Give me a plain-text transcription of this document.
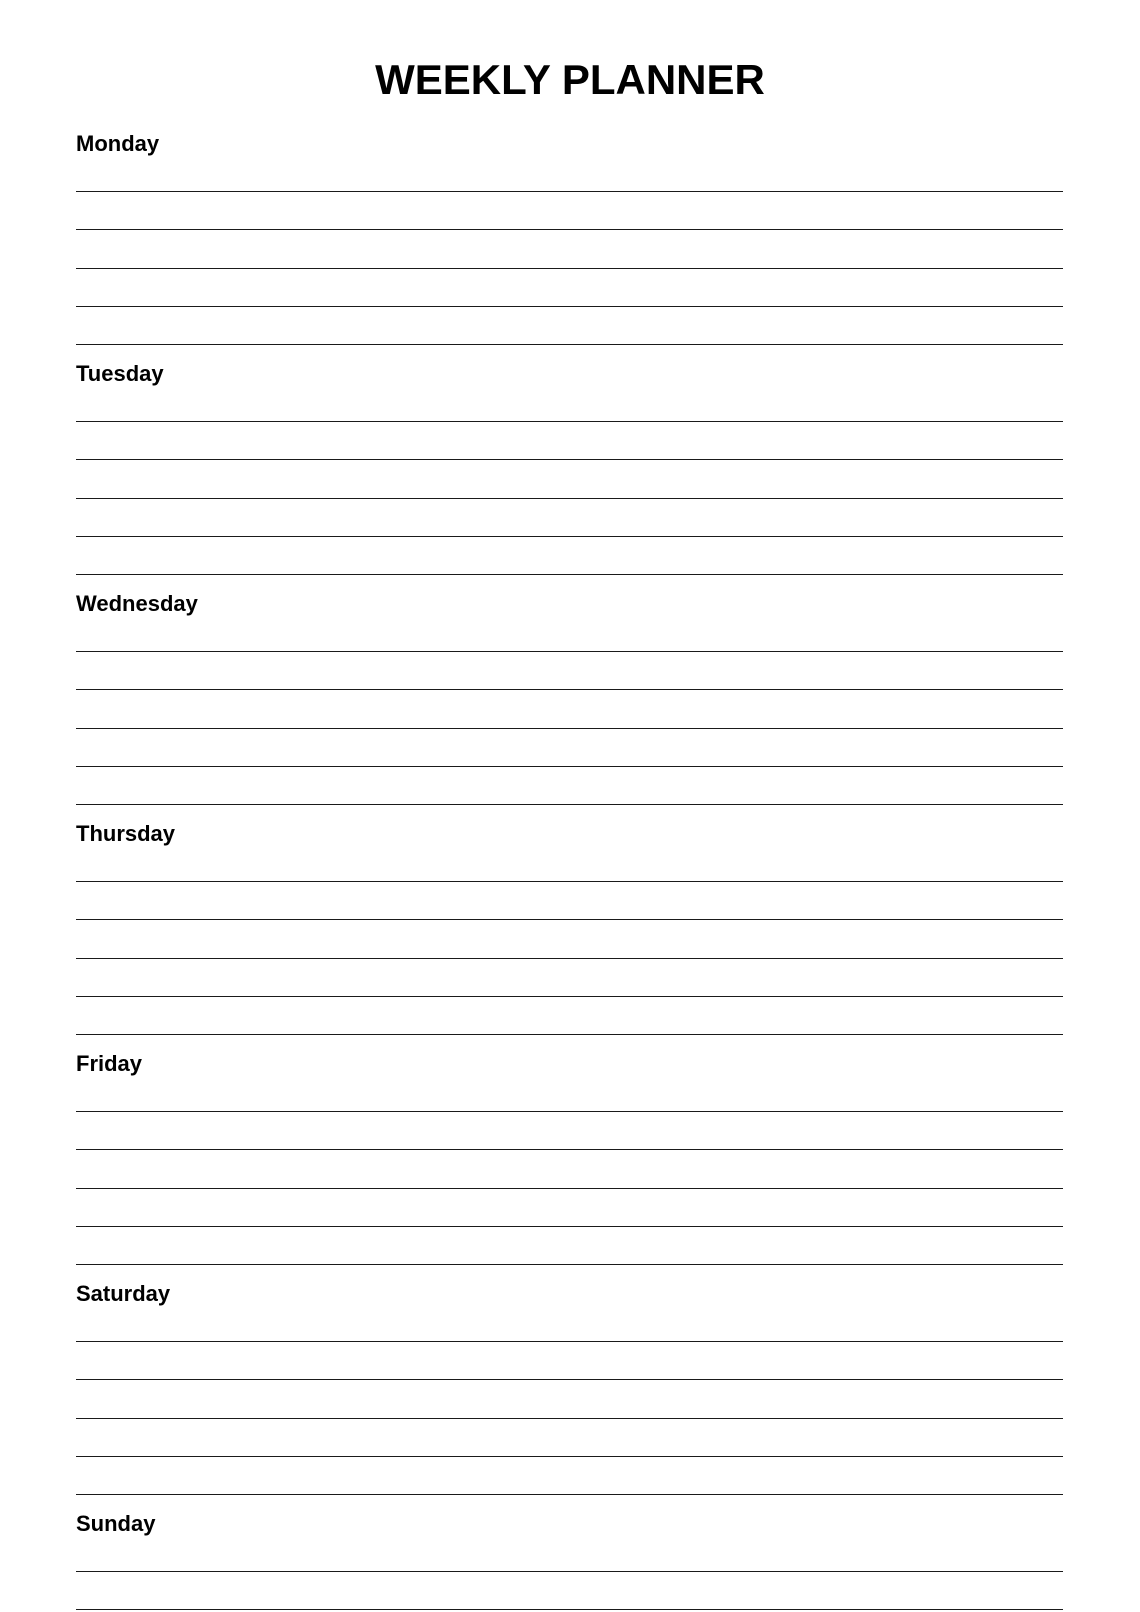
WEEKLY PLANNER
Monday
Tuesday
Wednesday
Thursday
Friday
Saturday
Sunday
